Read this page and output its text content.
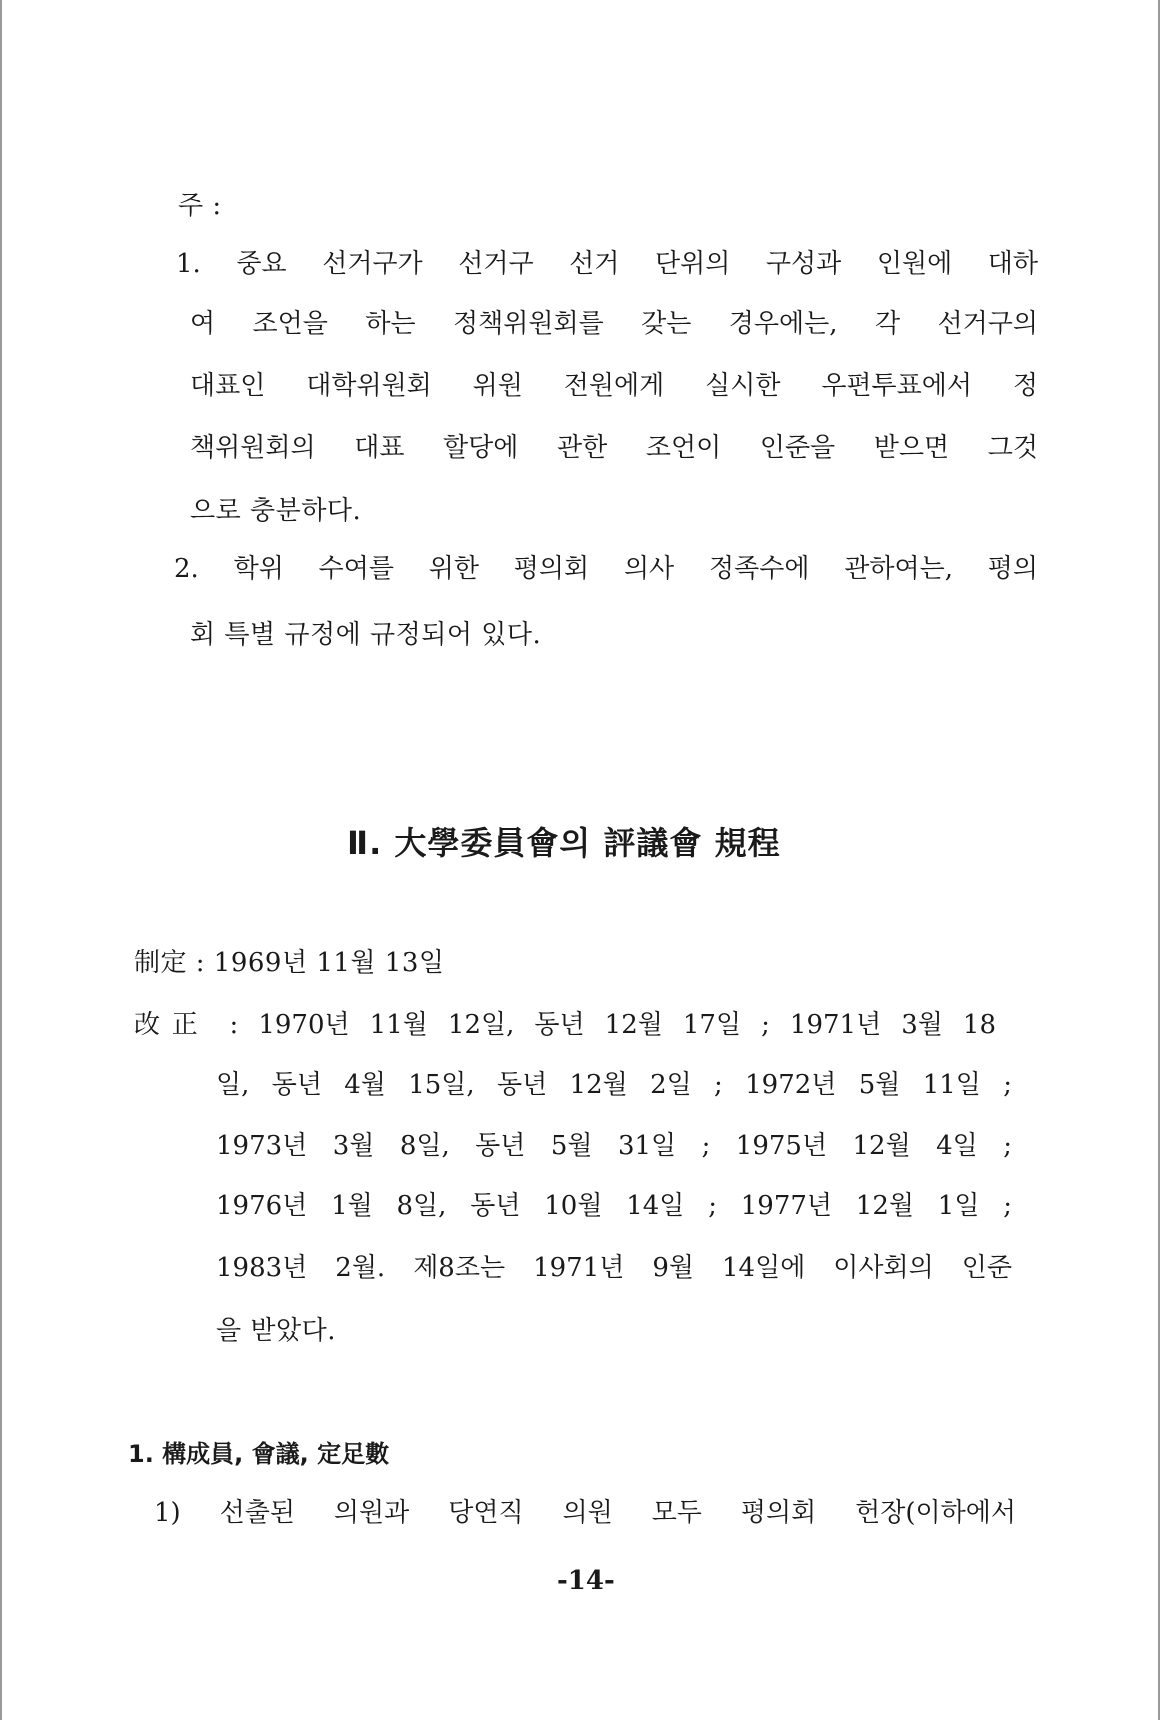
주 :
1. 중요 선거구가 선거구 선거 단위의 구성과 인원에 대하
여 조언을 하는 정책위원회를 갖는 경우에는, 각 선거구의
대표인 대학위원회 위원 전원에게 실시한 우편투표에서 정
책위원회의 대표 할당에 관한 조언이 인준을 받으면 그것
으로 충분하다.
2. 학위 수여를 위한 평의회 의사 정족수에 관하여는, 평의
회 특별 규정에 규정되어 있다.
Ⅱ. 大學委員會의 評議會 規程
制定 : 1969년 11월 13일
改正 : 1970년 11월 12일, 동년 12월 17일 ; 1971년 3월 18
일, 동년 4월 15일, 동년 12월 2일 ; 1972년 5월 11일 ;
1973년 3월 8일, 동년 5월 31일 ; 1975년 12월 4일 ;
1976년 1월 8일, 동년 10월 14일 ; 1977년 12월 1일 ;
1983년 2월. 제8조는 1971년 9월 14일에 이사회의 인준
을 받았다.
1. 構成員, 會議, 定足數
1) 선출된 의원과 당연직 의원 모두 평의회 헌장(이하에서
-14-
